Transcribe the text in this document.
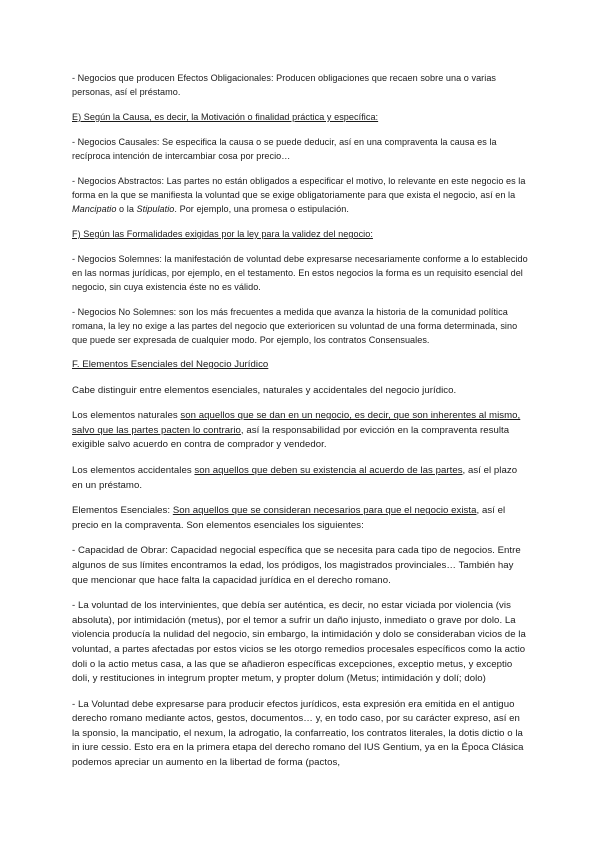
- Negocios que producen Efectos Obligacionales: Producen obligaciones que recaen sobre una o varias personas, así el préstamo.

E) Según la Causa, es decir, la Motivación o finalidad práctica y específica:

- Negocios Causales: Se especifica la causa o se puede deducir, así en una compraventa la causa es la recíproca intención de intercambiar cosa por precio…

- Negocios Abstractos: Las partes no están obligados a especificar el motivo, lo relevante en este negocio es la forma en la que se manifiesta la voluntad que se exige obligatoriamente para que exista el negocio, así en la Mancipatio o la Stipulatio. Por ejemplo, una promesa o estipulación.

F) Según las Formalidades exigidas por la ley para la validez del negocio:

- Negocios Solemnes: la manifestación de voluntad debe expresarse necesariamente conforme a lo establecido en las normas jurídicas, por ejemplo, en el testamento. En estos negocios la forma es un requisito esencial del negocio, sin cuya existencia éste no es válido.

- Negocios No Solemnes: son los más frecuentes a medida que avanza la historia de la comunidad política romana, la ley no exige a las partes del negocio que exterioricen su voluntad de una forma determinada, sino que puede ser expresada de cualquier modo. Por ejemplo, los contratos Consensuales.

F. Elementos Esenciales del Negocio Jurídico

Cabe distinguir entre elementos esenciales, naturales y accidentales del negocio jurídico.

Los elementos naturales son aquellos que se dan en un negocio, es decir, que son inherentes al mismo, salvo que las partes pacten lo contrario, así la responsabilidad por evicción en la compraventa resulta exigible salvo acuerdo en contra de comprador y vendedor.

Los elementos accidentales son aquellos que deben su existencia al acuerdo de las partes, así el plazo en un préstamo.

Elementos Esenciales: Son aquellos que se consideran necesarios para que el negocio exista, así el precio en la compraventa. Son elementos esenciales los siguientes:

- Capacidad de Obrar: Capacidad negocial específica que se necesita para cada tipo de negocios. Entre algunos de sus límites encontramos la edad, los pródigos, los magistrados provinciales… También hay que mencionar que hace falta la capacidad jurídica en el derecho romano.

- La voluntad de los intervinientes, que debía ser auténtica, es decir, no estar viciada por violencia (vis absoluta), por intimidación (metus), por el temor a sufrir un daño injusto, inmediato o grave por dolo. La violencia producía la nulidad del negocio, sin embargo, la intimidación y dolo se consideraban vicios de la voluntad, a partes afectadas por estos vicios se les otorgo remedios procesales específicos como la actio doli o la actio metus casa, a las que se añadieron específicas excepciones, exceptio metus, y exceptio doli, y restituciones in integrum propter metum, y propter dolum (Metus; intimidación y dolí; dolo)

- La Voluntad debe expresarse para producir efectos jurídicos, esta expresión era emitida en el antiguo derecho romano mediante actos, gestos, documentos… y, en todo caso, por su carácter expreso, así en la sponsio, la mancipatio, el nexum, la adrogatio, la confarreatio, los contratos literales, la dotis dictio o la in iure cessio. Esto era en la primera etapa del derecho romano del IUS Gentium, ya en la Época Clásica podemos apreciar un aumento en la libertad de forma (pactos,
